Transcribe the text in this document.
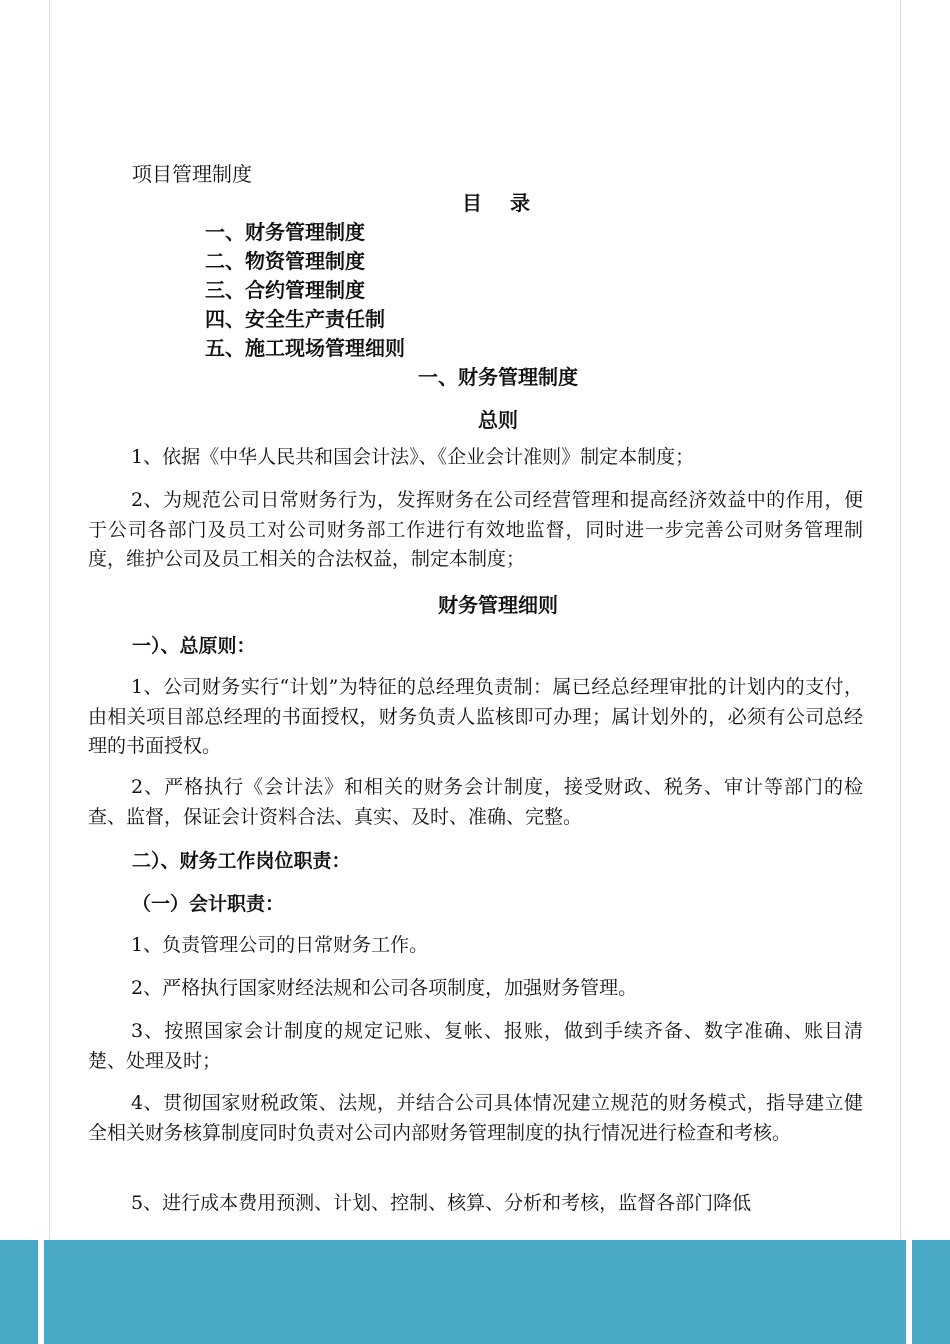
项目管理制度
目　录
一、财务管理制度
二、物资管理制度
三、合约管理制度
四、安全生产责任制
五、施工现场管理细则
一、财务管理制度
总则
1、依据《中华人民共和国会计法》、《企业会计准则》制定本制度；
2、为规范公司日常财务行为，发挥财务在公司经营管理和提高经济效益中的作用，便于公司各部门及员工对公司财务部工作进行有效地监督，同时进一步完善公司财务管理制度，维护公司及员工相关的合法权益，制定本制度；
财务管理细则
一）、总原则：
1、公司财务实行“计划”为特征的总经理负责制：属已经总经理审批的计划内的支付，由相关项目部总经理的书面授权，财务负责人监核即可办理；属计划外的，必须有公司总经理的书面授权。
2、严格执行《会计法》和相关的财务会计制度，接受财政、税务、审计等部门的检查、监督，保证会计资料合法、真实、及时、准确、完整。
二）、财务工作岗位职责：
（一）会计职责：
1、负责管理公司的日常财务工作。
2、严格执行国家财经法规和公司各项制度，加强财务管理。
3、按照国家会计制度的规定记账、复帐、报账，做到手续齐备、数字准确、账目清楚、处理及时；
4、贯彻国家财税政策、法规，并结合公司具体情况建立规范的财务模式，指导建立健全相关财务核算制度同时负责对公司内部财务管理制度的执行情况进行检查和考核。
5、进行成本费用预测、计划、控制、核算、分析和考核，监督各部门降低
